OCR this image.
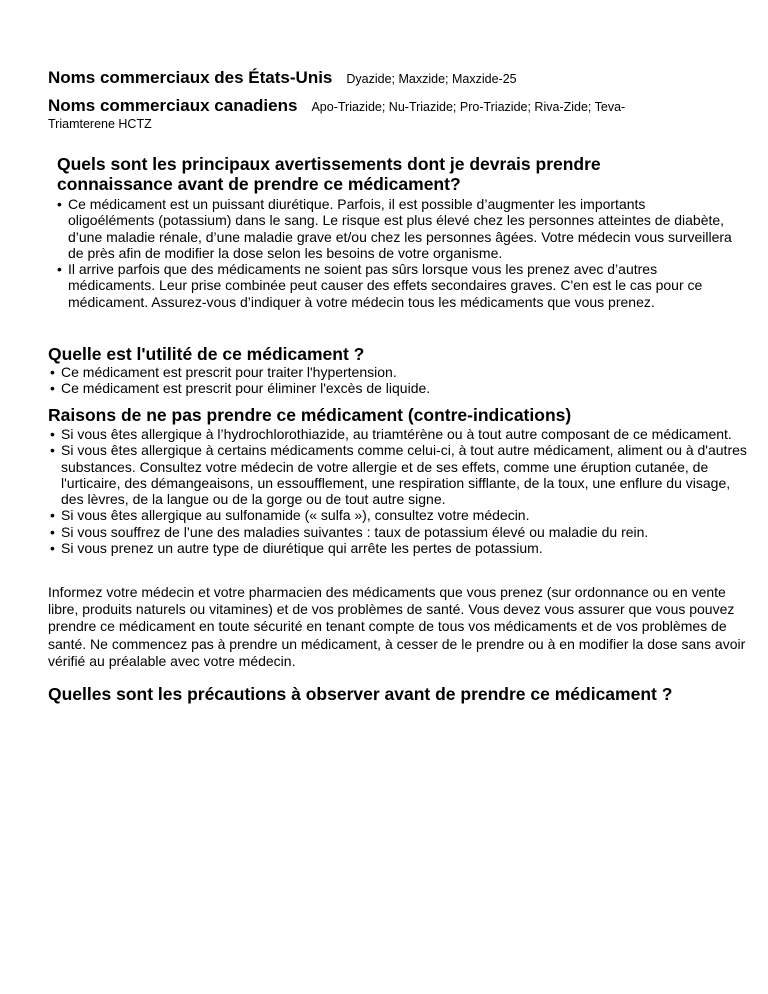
Noms commerciaux des États-Unis Dyazide; Maxzide; Maxzide-25
Noms commerciaux canadiens Apo-Triazide; Nu-Triazide; Pro-Triazide; Riva-Zide; Teva-
Triamterene HCTZ
Quels sont les principaux avertissements dont je devrais prendre
connaissance avant de prendre ce médicament?
• Ce médicament est un puissant diurétique. Parfois, il est possible d’augmenter les importants oligoéléments (potassium) dans le sang. Le risque est plus élevé chez les personnes atteintes de diabète, d’une maladie rénale, d’une maladie grave et/ou chez les personnes âgées. Votre médecin vous surveillera de près afin de modifier la dose selon les besoins de votre organisme.
• Il arrive parfois que des médicaments ne soient pas sûrs lorsque vous les prenez avec d’autres médicaments. Leur prise combinée peut causer des effets secondaires graves. C'en est le cas pour ce médicament. Assurez-vous d’indiquer à votre médecin tous les médicaments que vous prenez.
Quelle est l'utilité de ce médicament ?
• Ce médicament est prescrit pour traiter l'hypertension.
• Ce médicament est prescrit pour éliminer l'excès de liquide.
Raisons de ne pas prendre ce médicament (contre-indications)
• Si vous êtes allergique à l’hydrochlorothiazide, au triamtérène ou à tout autre composant de ce médicament.
• Si vous êtes allergique à certains médicaments comme celui-ci, à tout autre médicament, aliment ou à d'autres substances. Consultez votre médecin de votre allergie et de ses effets, comme une éruption cutanée, de l'urticaire, des démangeaisons, un essoufflement, une respiration sifflante, de la toux, une enflure du visage, des lèvres, de la langue ou de la gorge ou de tout autre signe.
• Si vous êtes allergique au sulfonamide (« sulfa »), consultez votre médecin.
• Si vous souffrez de l’une des maladies suivantes : taux de potassium élevé ou maladie du rein.
• Si vous prenez un autre type de diurétique qui arrête les pertes de potassium.
Informez votre médecin et votre pharmacien des médicaments que vous prenez (sur ordonnance ou en vente libre, produits naturels ou vitamines) et de vos problèmes de santé. Vous devez vous assurer que vous pouvez prendre ce médicament en toute sécurité en tenant compte de tous vos médicaments et de vos problèmes de santé. Ne commencez pas à prendre un médicament, à cesser de le prendre ou à en modifier la dose sans avoir vérifié au préalable avec votre médecin.
Quelles sont les précautions à observer avant de prendre ce médicament ?
